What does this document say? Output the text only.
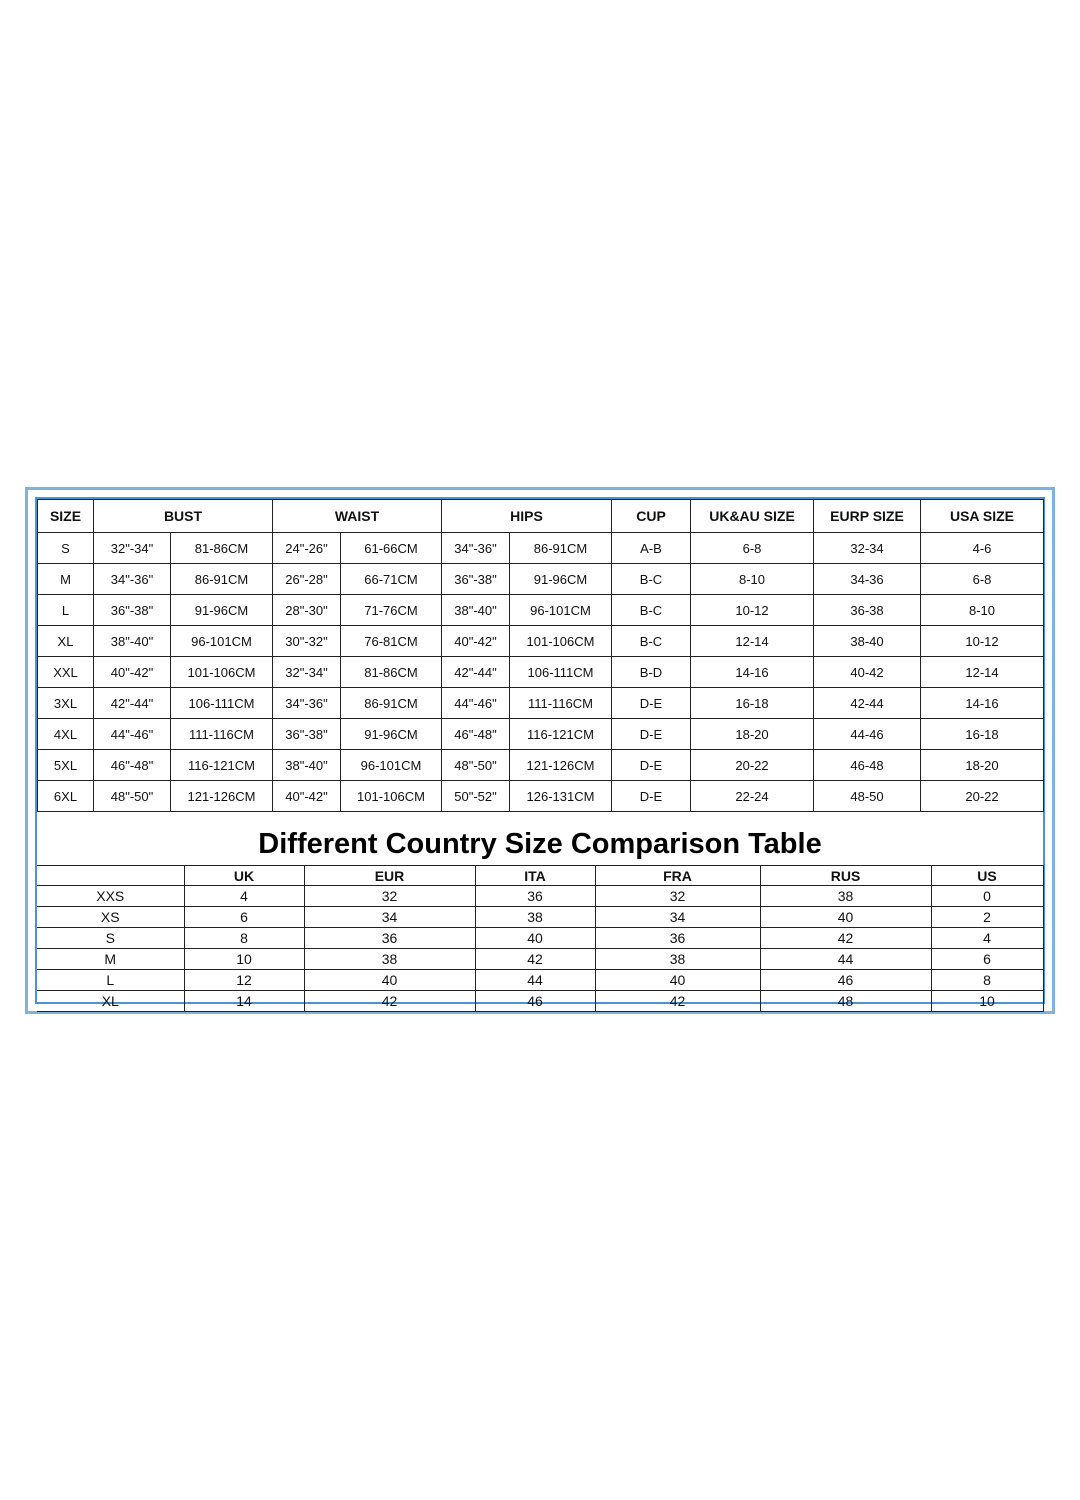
SIZE	BUST		WAIST		HIPS		CUP	UK&AU SIZE	EURP SIZE	USA SIZE
S	32"-34"	81-86CM	24"-26"	61-66CM	34"-36"	86-91CM	A-B	6-8	32-34	4-6
M	34"-36"	86-91CM	26"-28"	66-71CM	36"-38"	91-96CM	B-C	8-10	34-36	6-8
L	36"-38"	91-96CM	28"-30"	71-76CM	38"-40"	96-101CM	B-C	10-12	36-38	8-10
XL	38"-40"	96-101CM	30"-32"	76-81CM	40"-42"	101-106CM	B-C	12-14	38-40	10-12
XXL	40"-42"	101-106CM	32"-34"	81-86CM	42"-44"	106-111CM	B-D	14-16	40-42	12-14
3XL	42"-44"	106-111CM	34"-36"	86-91CM	44"-46"	111-116CM	D-E	16-18	42-44	14-16
4XL	44"-46"	111-116CM	36"-38"	91-96CM	46"-48"	116-121CM	D-E	18-20	44-46	16-18
5XL	46"-48"	116-121CM	38"-40"	96-101CM	48"-50"	121-126CM	D-E	20-22	46-48	18-20
6XL	48"-50"	121-126CM	40"-42"	101-106CM	50"-52"	126-131CM	D-E	22-24	48-50	20-22
Different Country Size Comparison Table
	UK	EUR	ITA	FRA	RUS	US
XXS	4	32	36	32	38	0
XS	6	34	38	34	40	2
S	8	36	40	36	42	4
M	10	38	42	38	44	6
L	12	40	44	40	46	8
XL	14	42	46	42	48	10
